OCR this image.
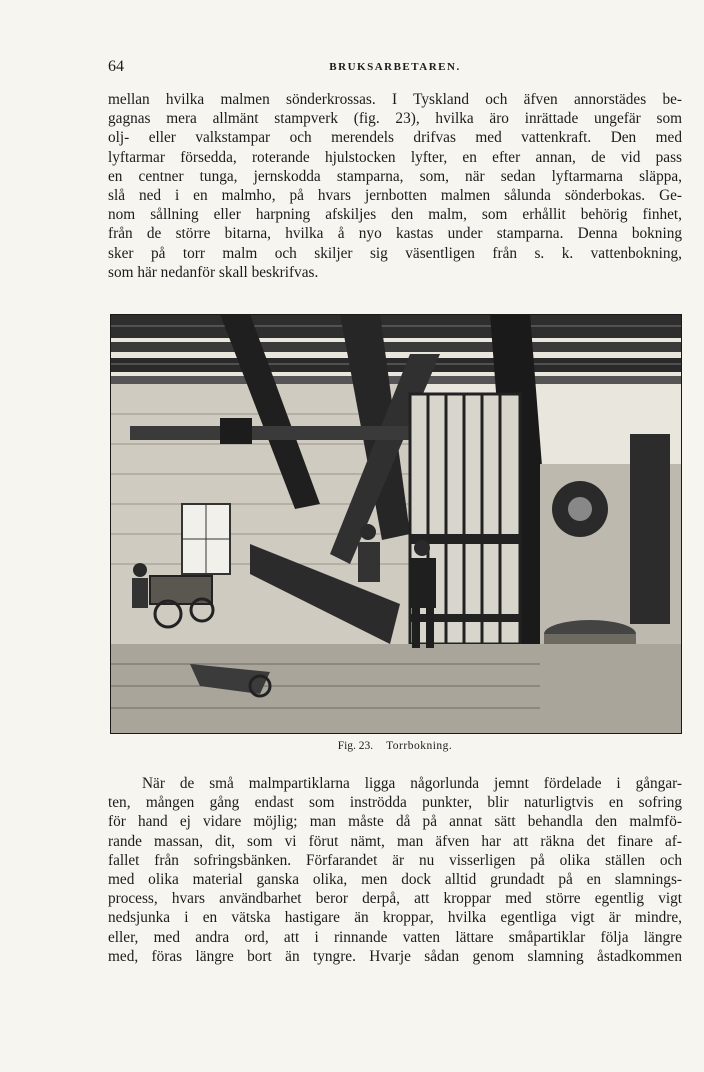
64	BRUKSARBETAREN.
mellan hvilka malmen sönderkrossas. I Tyskland och äfven annorstädes be-
gagnas mera allmänt stampverk (fig. 23), hvilka äro inrättade ungefär som
olj- eller valkstampar och merendels drifvas med vattenkraft. Den med
lyftarmar försedda, roterande hjulstocken lyfter, en efter annan, de vid pass
en centner tunga, jernskodda stamparna, som, när sedan lyftarmarna släppa,
slå ned i en malmho, på hvars jernbotten malmen sålunda sönderbokas. Ge-
nom sållning eller harpning afskiljes den malm, som erhållit behörig finhet,
från de större bitarna, hvilka å nyo kastas under stamparna. Denna bokning
sker på torr malm och skiljer sig väsentligen från s. k. vattenbokning,
som här nedanför skall beskrifvas.
Fig. 23. Torrbokning.
När de små malmpartiklarna ligga någorlunda jemnt fördelade i gångar-
ten, mången gång endast som inströdda punkter, blir naturligtvis en sofring
för hand ej vidare möjlig; man måste då på annat sätt behandla den malmfö-
rande massan, dit, som vi förut nämt, man äfven har att räkna det finare af-
fallet från sofringsbänken. Förfarandet är nu visserligen på olika ställen och
med olika material ganska olika, men dock alltid grundadt på en slamnings-
process, hvars användbarhet beror derpå, att kroppar med större egentlig vigt
nedsjunka i en vätska hastigare än kroppar, hvilka egentliga vigt är mindre,
eller, med andra ord, att i rinnande vatten lättare småpartiklar följa längre
med, föras längre bort än tyngre. Hvarje sådan genom slamning åstadkommen
